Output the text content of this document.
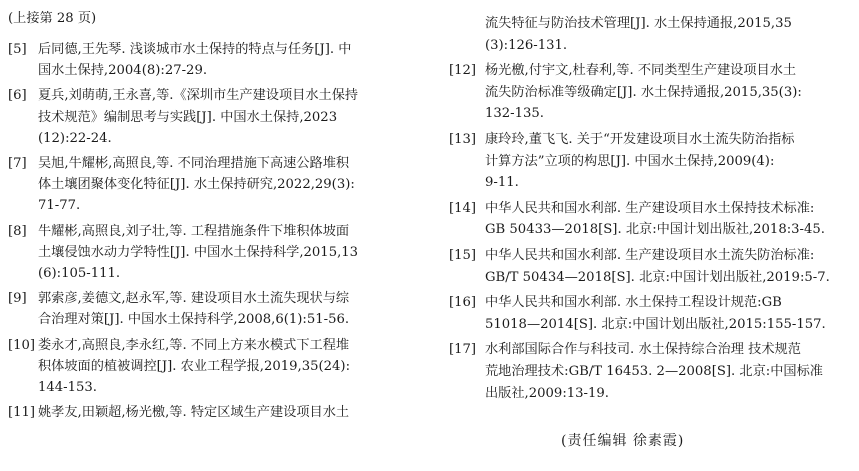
(上接第 28 页)
[5] 后同德,王先琴. 浅谈城市水土保持的特点与任务[J]. 中
国水土保持,2004(8):27-29.
[6] 夏兵,刘萌萌,王永喜,等.《深圳市生产建设项目水土保持
技术规范》编制思考与实践[J]. 中国水土保持,2023
(12):22-24.
[7] 吴旭,牛耀彬,高照良,等. 不同治理措施下高速公路堆积
体土壤团聚体变化特征[J]. 水土保持研究,2022,29(3):
71-77.
[8] 牛耀彬,高照良,刘子壮,等. 工程措施条件下堆积体坡面
土壤侵蚀水动力学特性[J]. 中国水土保持科学,2015,13
(6):105-111.
[9] 郭索彦,姜德文,赵永军,等. 建设项目水土流失现状与综
合治理对策[J]. 中国水土保持科学,2008,6(1):51-56.
[10] 娄永才,高照良,李永红,等. 不同上方来水模式下工程堆
积体坡面的植被调控[J]. 农业工程学报,2019,35(24):
144-153.
[11] 姚孝友,田颖超,杨光檄,等. 特定区域生产建设项目水土
流失特征与防治技术管理[J]. 水土保持通报,2015,35
(3):126-131.
[12] 杨光檄,付宇文,杜春利,等. 不同类型生产建设项目水土
流失防治标准等级确定[J]. 水土保持通报,2015,35(3):
132-135.
[13] 康玲玲,董飞飞. 关于“开发建设项目水土流失防治指标
计算方法”立项的构思[J]. 中国水土保持,2009(4):
9-11.
[14] 中华人民共和国水利部. 生产建设项目水土保持技术标准:
GB 50433—2018[S]. 北京:中国计划出版社,2018:3-45.
[15] 中华人民共和国水利部. 生产建设项目水土流失防治标准:
GB/T 50434—2018[S]. 北京:中国计划出版社,2019:5-7.
[16] 中华人民共和国水利部. 水土保持工程设计规范:GB
51018—2014[S]. 北京:中国计划出版社,2015:155-157.
[17] 水利部国际合作与科技司. 水土保持综合治理 技术规范
荒地治理技术:GB/T 16453. 2—2008[S]. 北京:中国标准
出版社,2009:13-19.
(责任编辑 徐素霞)
